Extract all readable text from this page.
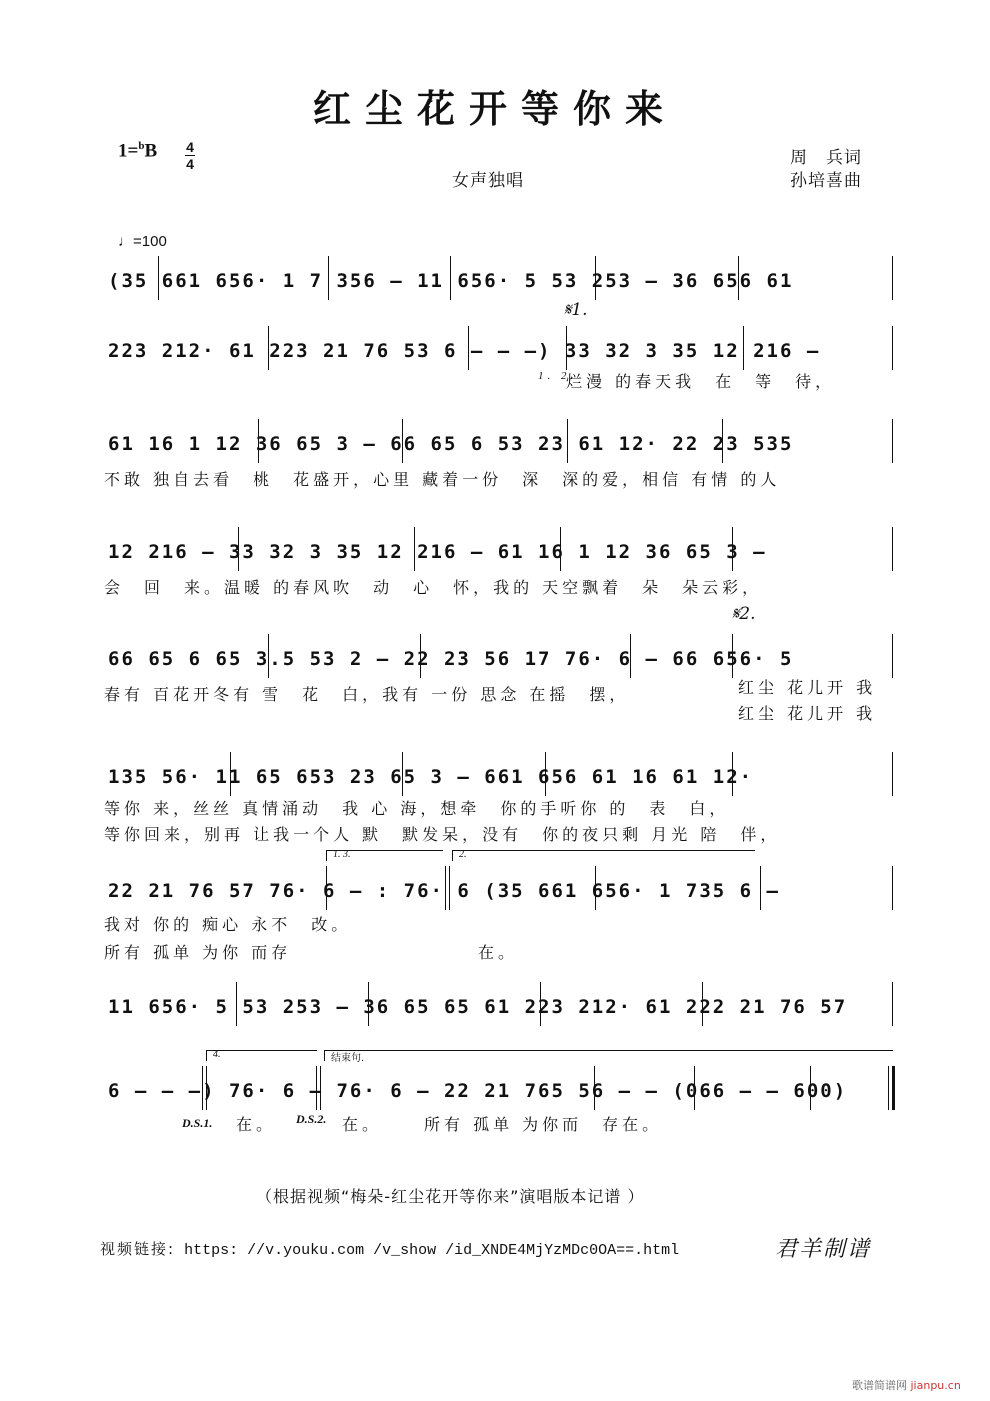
红尘花开等你来
1=$^b$B 4
4
女声独唱
周　兵词
孙培喜曲
♩=100
(35 661 656· 1 7 356 – 11 656· 5 53 253 – 36 656 61
𝄋1.
223 212· 61 223 21 76 53 6 – – –) 33 32 3 35 12 216 –
1. 2.
烂漫 的春天我　在　等　待，
61 16 1 12 36 65 3 – 66 65 6 53 23 61 12· 22 23 535
不敢 独自去看　桃　花盛开，心里 藏着一份　深　深的爱，相信 有情 的人
12 216 – 33 32 3 35 12 216 – 61 16 1 12 36 65 3 –
会　回　来。温暖 的春风吹　动　心　怀，我的 天空飘着　朵　朵云彩，
𝄋2.
66 65 6 65 3.5 53 2 – 22 23 56 17 76· 6 – 66 656· 5
春有 百花开冬有 雪　花　白，我有 一份 思念 在摇　摆，	红尘 花儿开 我
红尘 花儿开 我
135 56· 11 65 653 23 65 3 – 661 656 61 16 61 12·
等你 来，丝丝 真情涌动　我 心 海，想牵　你的手听你 的　表　白，
等你回来，别再 让我一个人 默　默发呆，没有　你的夜只剩 月光 陪　伴，
1. 3.	2.
22 21 76 57 76· 6 – : 76· 6 (35 661 656· 1 735 6 –
我对 你的 痴心 永不　改。
所有 孤单 为你 而存	在。
11 656· 5 53 253 – 36 65 65 61 223 212· 61 222 21 76 57
4.	结束句.
6 – – –) 76· 6 – 76· 6 – 22 21 765 56 – – (066 – – 600)
D.S.1. 在。 D.S.2. 在。	所有 孤单 为你而　存在。
（根据视频“梅朵-红尘花开等你来”演唱版本记谱 ）
视频链接: https: //v.youku.com /v_show /id_XNDE4MjYzMDc0OA==.html	君羊制谱
歌谱简谱网 jianpu.cn
